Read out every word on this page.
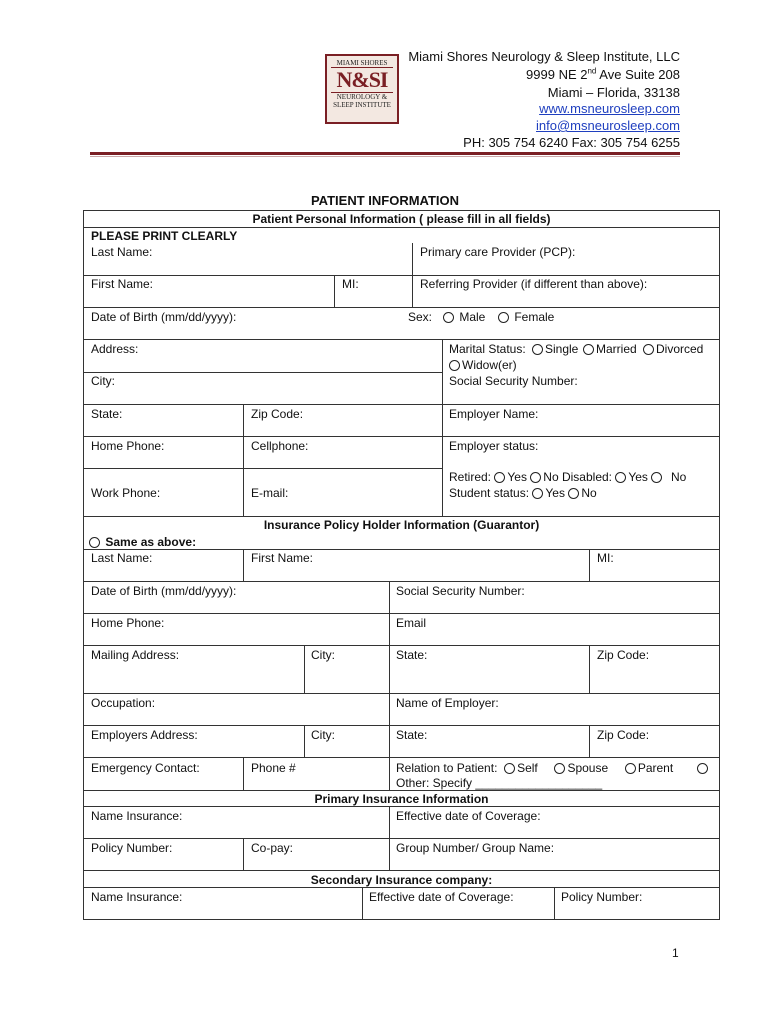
MIAMI SHORES
N&SI
NEUROLOGY &
SLEEP INSTITUTE
Miami Shores Neurology & Sleep Institute, LLC
9999 NE 2nd Ave Suite 208
Miami – Florida, 33138
www.msneurosleep.com
info@msneurosleep.com
PH: 305 754 6240 Fax: 305 754 6255
PATIENT INFORMATION
Patient Personal Information ( please fill in all fields)
PLEASE PRINT CLEARLY
Last Name:	Primary care Provider (PCP):
First Name:	MI:	Referring Provider (if different than above):
Date of Birth (mm/dd/yyyy):	Sex:	Male	Female
Address:	Marital Status:	Single	Married	Divorced
Widow(er)
City:	Social Security Number:
State:	Zip Code:	Employer Name:
Home Phone:	Cellphone:	Employer status:
Retired: Yes No Disabled: Yes No
Work Phone:	E-mail:	Student status: Yes No
Insurance Policy Holder Information (Guarantor)
Same as above:
Last Name:	First Name:	MI:
Date of Birth (mm/dd/yyyy):	Social Security Number:
Home Phone:	Email
Mailing Address:	City:	State:	Zip Code:
Occupation:	Name of Employer:
Employers Address:	City:	State:	Zip Code:
Emergency Contact:	Phone #	Relation to Patient: Self Spouse Parent
Other: Specify ___________________
Primary Insurance Information
Name Insurance:	Effective date of Coverage:
Policy Number:	Co-pay:	Group Number/ Group Name:
Secondary Insurance company:
Name Insurance:	Effective date of Coverage:	Policy Number:
1
